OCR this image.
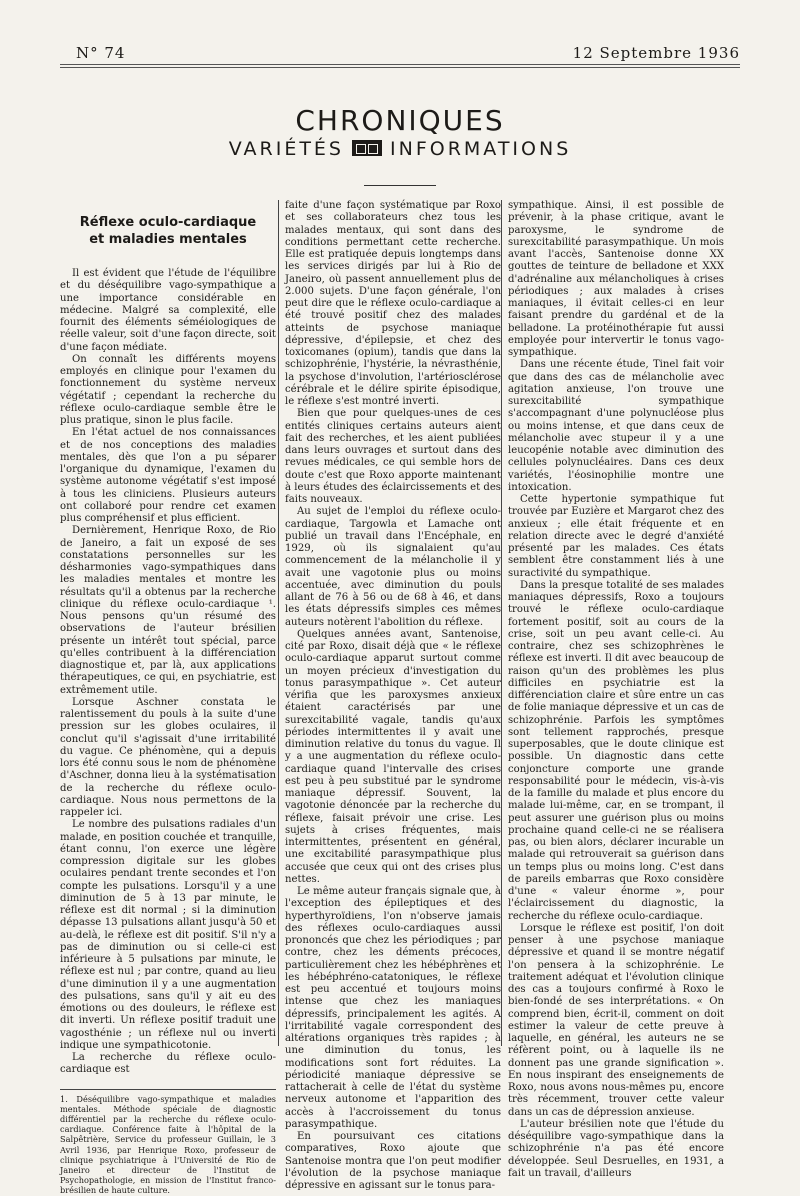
N° 74	12 Septembre 1936
CHRONIQUES
VARIÉTÉS INFORMATIONS
Réflexe oculo-cardiaque
et maladies mentales

Il est évident que l'étude de l'équilibre et du déséquilibre vago-sympathique a une importance considérable en médecine. Malgré sa complexité, elle fournit des éléments séméiologiques de réelle valeur, soit d'une façon directe, soit d'une façon médiate.

On connaît les différents moyens employés en clinique pour l'examen du fonctionnement du système nerveux végétatif ; cependant la recherche du réflexe oculo-cardiaque semble être le plus pratique, sinon le plus facile.

En l'état actuel de nos connaissances et de nos conceptions des maladies mentales, dès que l'on a pu séparer l'organique du dynamique, l'examen du système autonome végétatif s'est imposé à tous les cliniciens. Plusieurs auteurs ont collaboré pour rendre cet examen plus compréhensif et plus efficient.

Dernièrement, Henrique Roxo, de Rio de Janeiro, a fait un exposé de ses constatations personnelles sur les désharmonies vago-sympathiques dans les maladies mentales et montre les résultats qu'il a obtenus par la recherche clinique du réflexe oculo-cardiaque ¹. Nous pensons qu'un résumé des observations de l'auteur brésilien présente un intérêt tout spécial, parce qu'elles contribuent à la différenciation diagnostique et, par là, aux applications thérapeutiques, ce qui, en psychiatrie, est extrêmement utile.

Lorsque Aschner constata le ralentissement du pouls à la suite d'une pression sur les globes oculaires, il conclut qu'il s'agissait d'une irritabilité du vague. Ce phénomène, qui a depuis lors été connu sous le nom de phénomène d'Aschner, donna lieu à la systématisation de la recherche du réflexe oculo-cardiaque. Nous nous permettons de la rappeler ici.

Le nombre des pulsations radiales d'un malade, en position couchée et tranquille, étant connu, l'on exerce une légère compression digitale sur les globes oculaires pendant trente secondes et l'on compte les pulsations. Lorsqu'il y a une diminution de 5 à 13 par minute, le réflexe est dit normal ; si la diminution dépasse 13 pulsations allant jusqu'à 50 et au-delà, le réflexe est dit positif. S'il n'y a pas de diminution ou si celle-ci est inférieure à 5 pulsations par minute, le réflexe est nul ; par contre, quand au lieu d'une diminution il y a une augmentation des pulsations, sans qu'il y ait eu des émotions ou des douleurs, le réflexe est dit inverti. Un réflexe positif traduit une vagosthénie ; un réflexe nul ou inverti indique une sympathicotonie.

La recherche du réflexe oculo-cardiaque est

1. Déséquilibre vago-sympathique et maladies mentales. Méthode spéciale de diagnostic différentiel par la recherche du réflexe oculo-cardiaque. Conférence faite à l'hôpital de la Salpêtrière, Service du professeur Guillain, le 3 Avril 1936, par Henrique Roxo, professeur de clinique psychiatrique à l'Université de Rio de Janeiro et directeur de l'Institut de Psychopathologie, en mission de l'Institut franco-brésilien de haute culture.

faite d'une façon systématique par Roxo et ses collaborateurs chez tous les malades mentaux, qui sont dans des conditions permettant cette recherche. Elle est pratiquée depuis longtemps dans les services dirigés par lui à Rio de Janeiro, où passent annuellement plus de 2.000 sujets. D'une façon générale, l'on peut dire que le réflexe oculo-cardiaque a été trouvé positif chez des malades atteints de psychose maniaque dépressive, d'épilepsie, et chez des toxicomanes (opium), tandis que dans la schizophrénie, l'hystérie, la névrasthénie, la psychose d'involution, l'artériosclérose cérébrale et le délire spirite épisodique, le réflexe s'est montré inverti.

Bien que pour quelques-unes de ces entités cliniques certains auteurs aient fait des recherches, et les aient publiées dans leurs ouvrages et surtout dans des revues médicales, ce qui semble hors de doute c'est que Roxo apporte maintenant à leurs études des éclaircissements et des faits nouveaux.

Au sujet de l'emploi du réflexe oculo-cardiaque, Targowla et Lamache ont publié un travail dans l'Encéphale, en 1929, où ils signalaient qu'au commencement de la mélancholie il y avait une vagotonie plus ou moins accentuée, avec diminution du pouls allant de 76 à 56 ou de 68 à 46, et dans les états dépressifs simples ces mêmes auteurs notèrent l'abolition du réflexe.

Quelques années avant, Santenoise, cité par Roxo, disait déjà que « le réflexe oculo-cardiaque apparut surtout comme un moyen précieux d'investigation du tonus parasympathique ». Cet auteur vérifia que les paroxysmes anxieux étaient caractérisés par une surexcitabilité vagale, tandis qu'aux périodes intermittentes il y avait une diminution relative du tonus du vague. Il y a une augmentation du réflexe oculo-cardiaque quand l'intervalle des crises est peu à peu substitué par le syndrome maniaque dépressif. Souvent, la vagotonie dénoncée par la recherche du réflexe, faisait prévoir une crise. Les sujets à crises fréquentes, mais intermittentes, présentent en général, une excitabilité parasympathique plus accusée que ceux qui ont des crises plus nettes.

Le même auteur français signale que, à l'exception des épileptiques et des hyperthyroïdiens, l'on n'observe jamais des réflexes oculo-cardiaques aussi prononcés que chez les périodiques ; par contre, chez les déments précoces, particulièrement chez les hébéphrènes et les hébéphréno-catatoniques, le réflexe est peu accentué et toujours moins intense que chez les maniaques dépressifs, principalement les agités. A l'irritabilité vagale correspondent des altérations organiques très rapides ; à une diminution du tonus, les modifications sont fort réduites. La périodicité maniaque dépressive se rattacherait à celle de l'état du système nerveux autonome et l'apparition des accès à l'accroissement du tonus parasympathique.

En poursuivant ces citations comparatives, Roxo ajoute que Santenoise montra que l'on peut modifier l'évolution de la psychose maniaque dépressive en agissant sur le tonus para-

sympathique. Ainsi, il est possible de prévenir, à la phase critique, avant le paroxysme, le syndrome de surexcitabilité parasympathique. Un mois avant l'accès, Santenoise donne XX gouttes de teinture de belladone et XXX d'adrénaline aux mélancholiques à crises périodiques ; aux malades à crises maniaques, il évitait celles-ci en leur faisant prendre du gardénal et de la belladone. La protéinothérapie fut aussi employée pour intervertir le tonus vago-sympathique.

Dans une récente étude, Tinel fait voir que dans des cas de mélancholie avec agitation anxieuse, l'on trouve une surexcitabilité sympathique s'accompagnant d'une polynucléose plus ou moins intense, et que dans ceux de mélancholie avec stupeur il y a une leucopénie notable avec diminution des cellules polynucléaires. Dans ces deux variétés, l'éosinophilie montre une intoxication.

Cette hypertonie sympathique fut trouvée par Euzière et Margarot chez des anxieux ; elle était fréquente et en relation directe avec le degré d'anxiété présenté par les malades. Ces états semblent être constamment liés à une suractivité du sympathique.

Dans la presque totalité de ses malades maniaques dépressifs, Roxo a toujours trouvé le réflexe oculo-cardiaque fortement positif, soit au cours de la crise, soit un peu avant celle-ci. Au contraire, chez ses schizophrènes le réflexe est inverti. Il dit avec beaucoup de raison qu'un des problèmes les plus difficiles en psychiatrie est la différenciation claire et sûre entre un cas de folie maniaque dépressive et un cas de schizophrénie. Parfois les symptômes sont tellement rapprochés, presque superposables, que le doute clinique est possible. Un diagnostic dans cette conjoncture comporte une grande responsabilité pour le médecin, vis-à-vis de la famille du malade et plus encore du malade lui-même, car, en se trompant, il peut assurer une guérison plus ou moins prochaine quand celle-ci ne se réalisera pas, ou bien alors, déclarer incurable un malade qui retrouverait sa guérison dans un temps plus ou moins long. C'est dans de pareils embarras que Roxo considère d'une « valeur énorme », pour l'éclaircissement du diagnostic, la recherche du réflexe oculo-cardiaque.

Lorsque le réflexe est positif, l'on doit penser à une psychose maniaque dépressive et quand il se montre négatif l'on pensera à la schizophrénie. Le traitement adéquat et l'évolution clinique des cas a toujours confirmé à Roxo le bien-fondé de ses interprétations. « On comprend bien, écrit-il, comment on doit estimer la valeur de cette preuve à laquelle, en général, les auteurs ne se réfèrent point, ou à laquelle ils ne donnent pas une grande signification ». En nous inspirant des enseignements de Roxo, nous avons nous-mêmes pu, encore très récemment, trouver cette valeur dans un cas de dépression anxieuse.

L'auteur brésilien note que l'étude du déséquilibre vago-sympathique dans la schizophrénie n'a pas été encore développée. Seul Desruelles, en 1931, a fait un travail, d'ailleurs
